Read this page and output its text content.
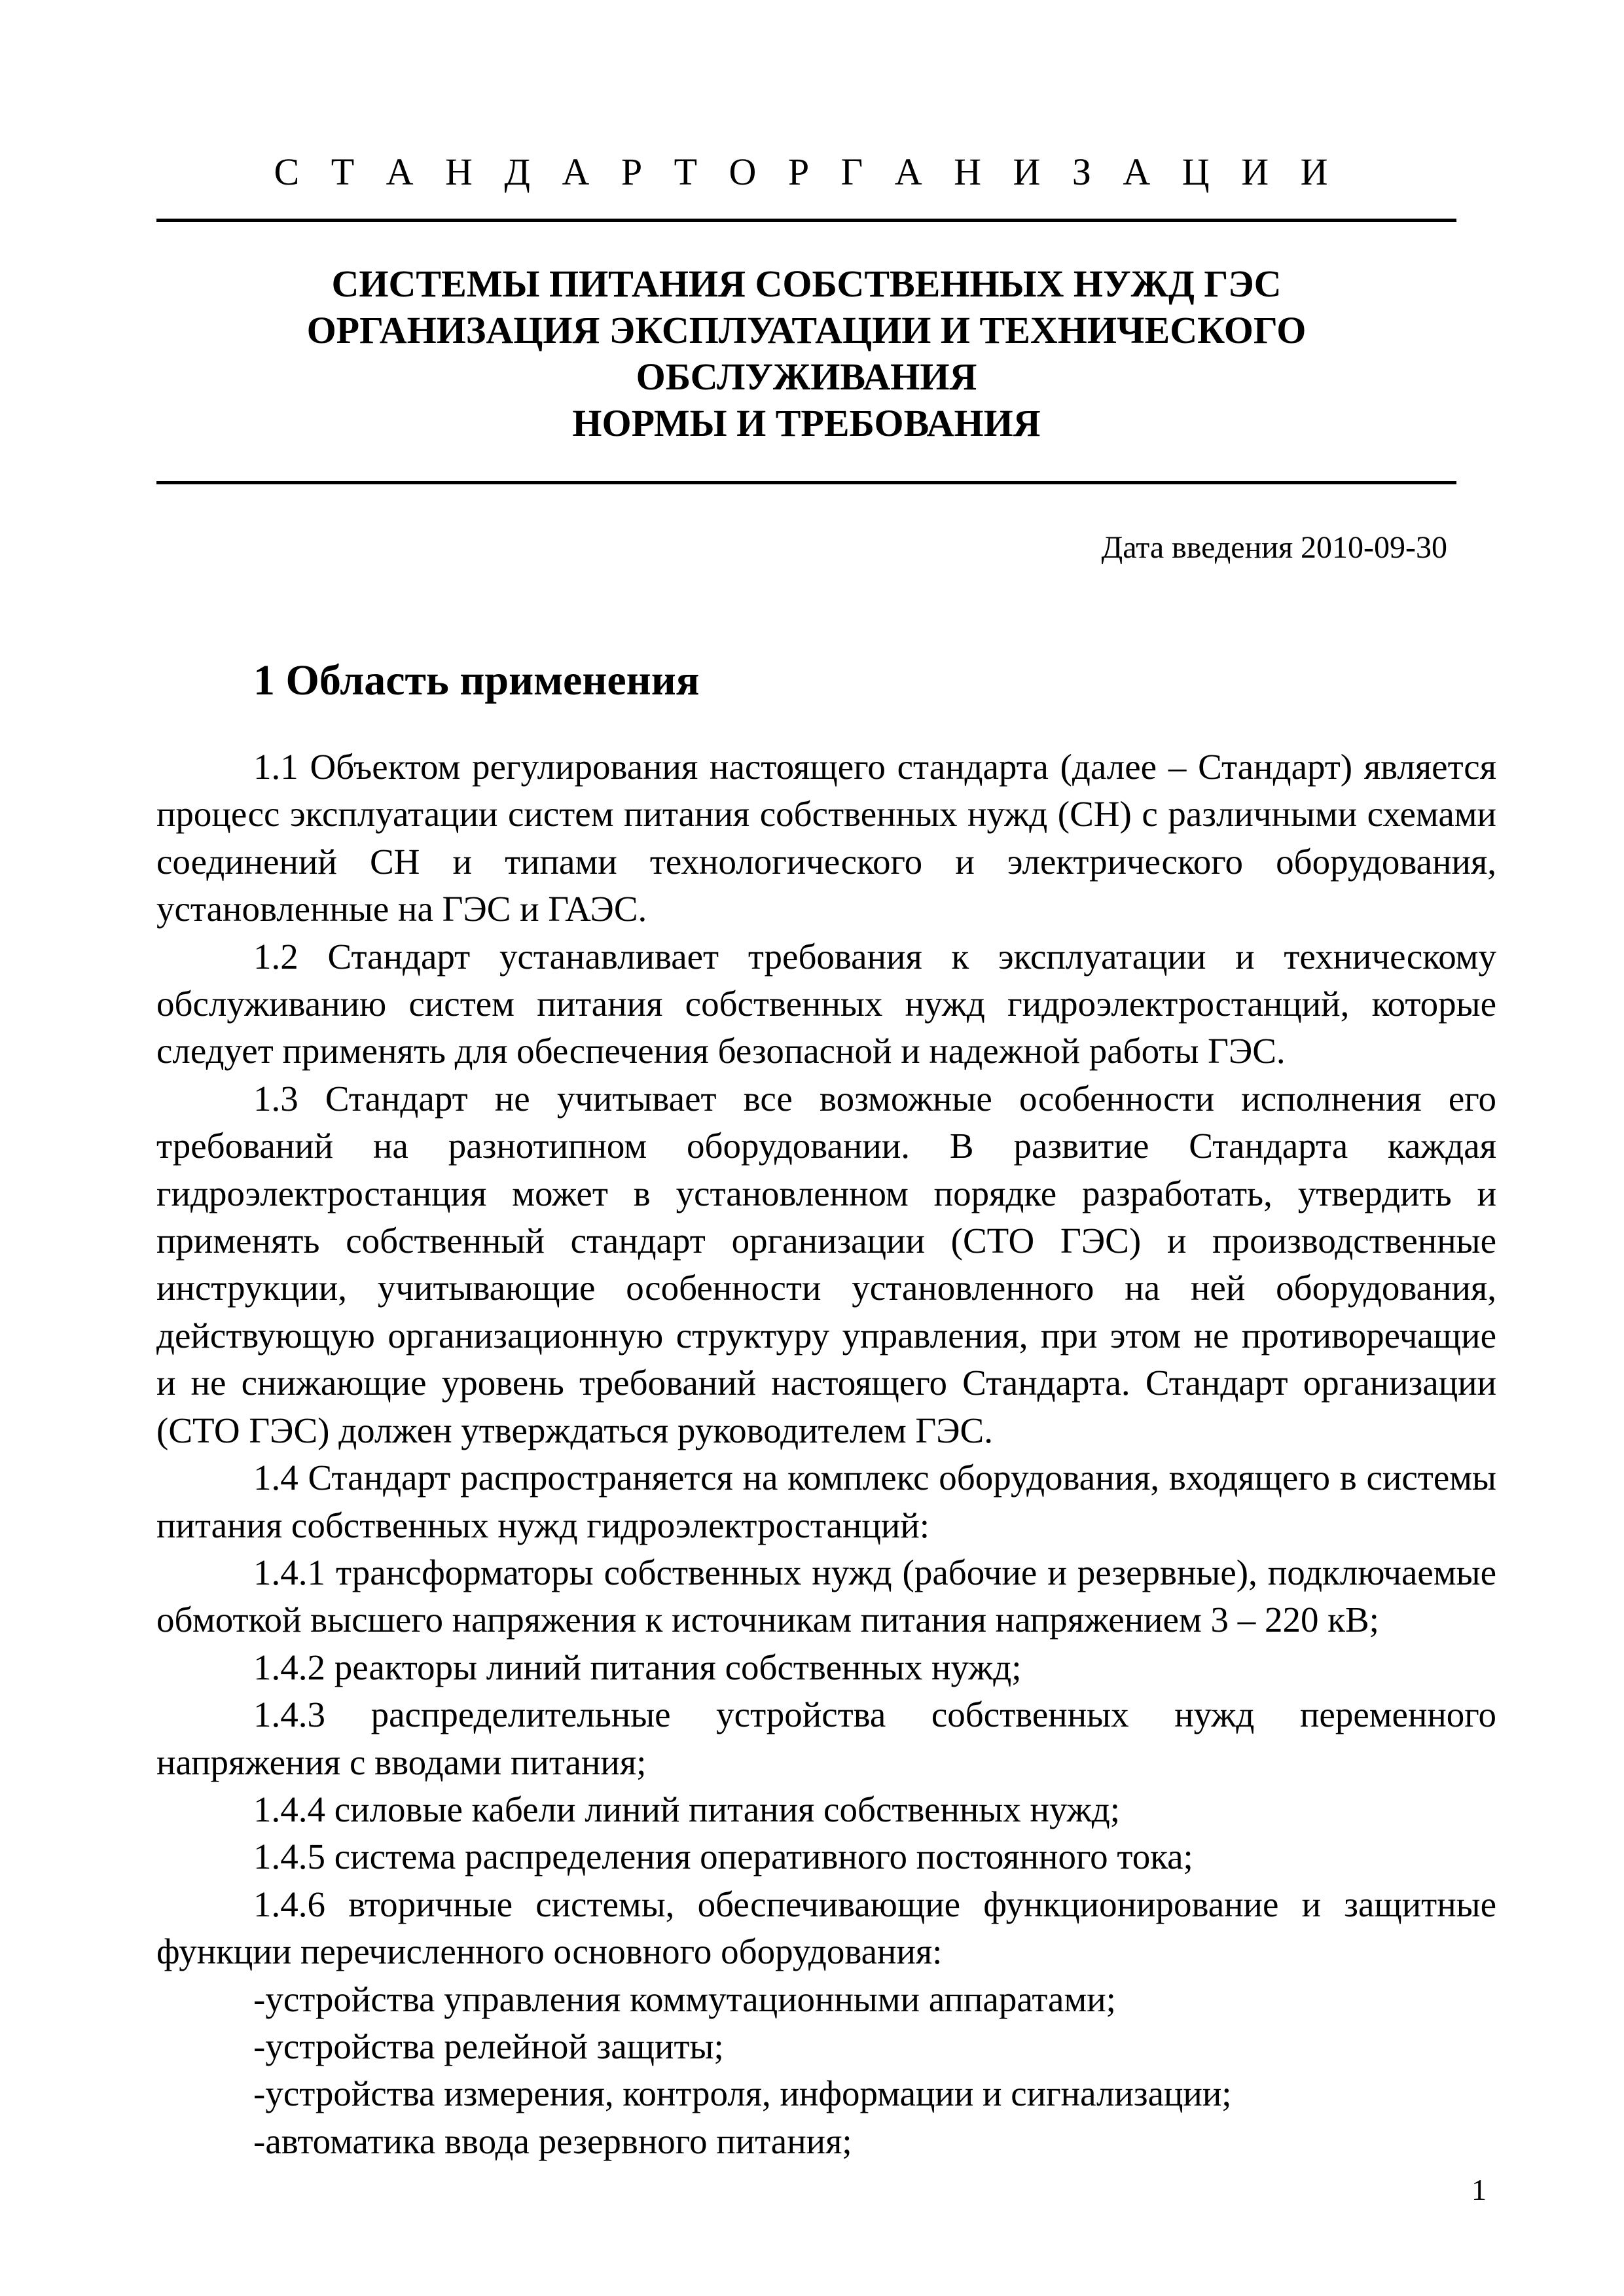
С Т А Н Д А Р Т О Р Г А Н И З А Ц И И
СИСТЕМЫ ПИТАНИЯ СОБСТВЕННЫХ НУЖД ГЭС
ОРГАНИЗАЦИЯ ЭКСПЛУАТАЦИИ И ТЕХНИЧЕСКОГО
ОБСЛУЖИВАНИЯ
НОРМЫ И ТРЕБОВАНИЯ
Дата введения 2010-09-30
1 Область применения

1.1 Объектом регулирования настоящего стандарта (далее – Стандарт) является процесс эксплуатации систем питания собственных нужд (СН) с различными схемами соединений СН и типами технологического и электрического оборудования, установленные на ГЭС и ГАЭС.

1.2 Стандарт устанавливает требования к эксплуатации и техническому обслуживанию систем питания собственных нужд гидроэлектростанций, которые следует применять для обеспечения безопасной и надежной работы ГЭС.

1.3 Стандарт не учитывает все возможные особенности исполнения его требований на разнотипном оборудовании. В развитие Стандарта каждая гидроэлектростанция может в установленном порядке разработать, утвердить и применять собственный стандарт организации (СТО ГЭС) и производственные инструкции, учитывающие особенности установленного на ней оборудования, действующую организационную структуру управления, при этом не противоречащие и не снижающие уровень требований настоящего Стандарта. Стандарт организации (СТО ГЭС) должен утверждаться руководителем ГЭС.

1.4 Стандарт распространяется на комплекс оборудования, входящего в системы питания собственных нужд гидроэлектростанций:

1.4.1 трансформаторы собственных нужд (рабочие и резервные), подключаемые обмоткой высшего напряжения к источникам питания напряжением 3 – 220 кВ;

1.4.2 реакторы линий питания собственных нужд;

1.4.3 распределительные устройства собственных нужд переменного напряжения с вводами питания;

1.4.4 силовые кабели линий питания собственных нужд;

1.4.5 система распределения оперативного постоянного тока;

1.4.6 вторичные системы, обеспечивающие функционирование и защитные функции перечисленного основного оборудования:

-устройства управления коммутационными аппаратами;

-устройства релейной защиты;

-устройства измерения, контроля, информации и сигнализации;

-автоматика ввода резервного питания;

1
